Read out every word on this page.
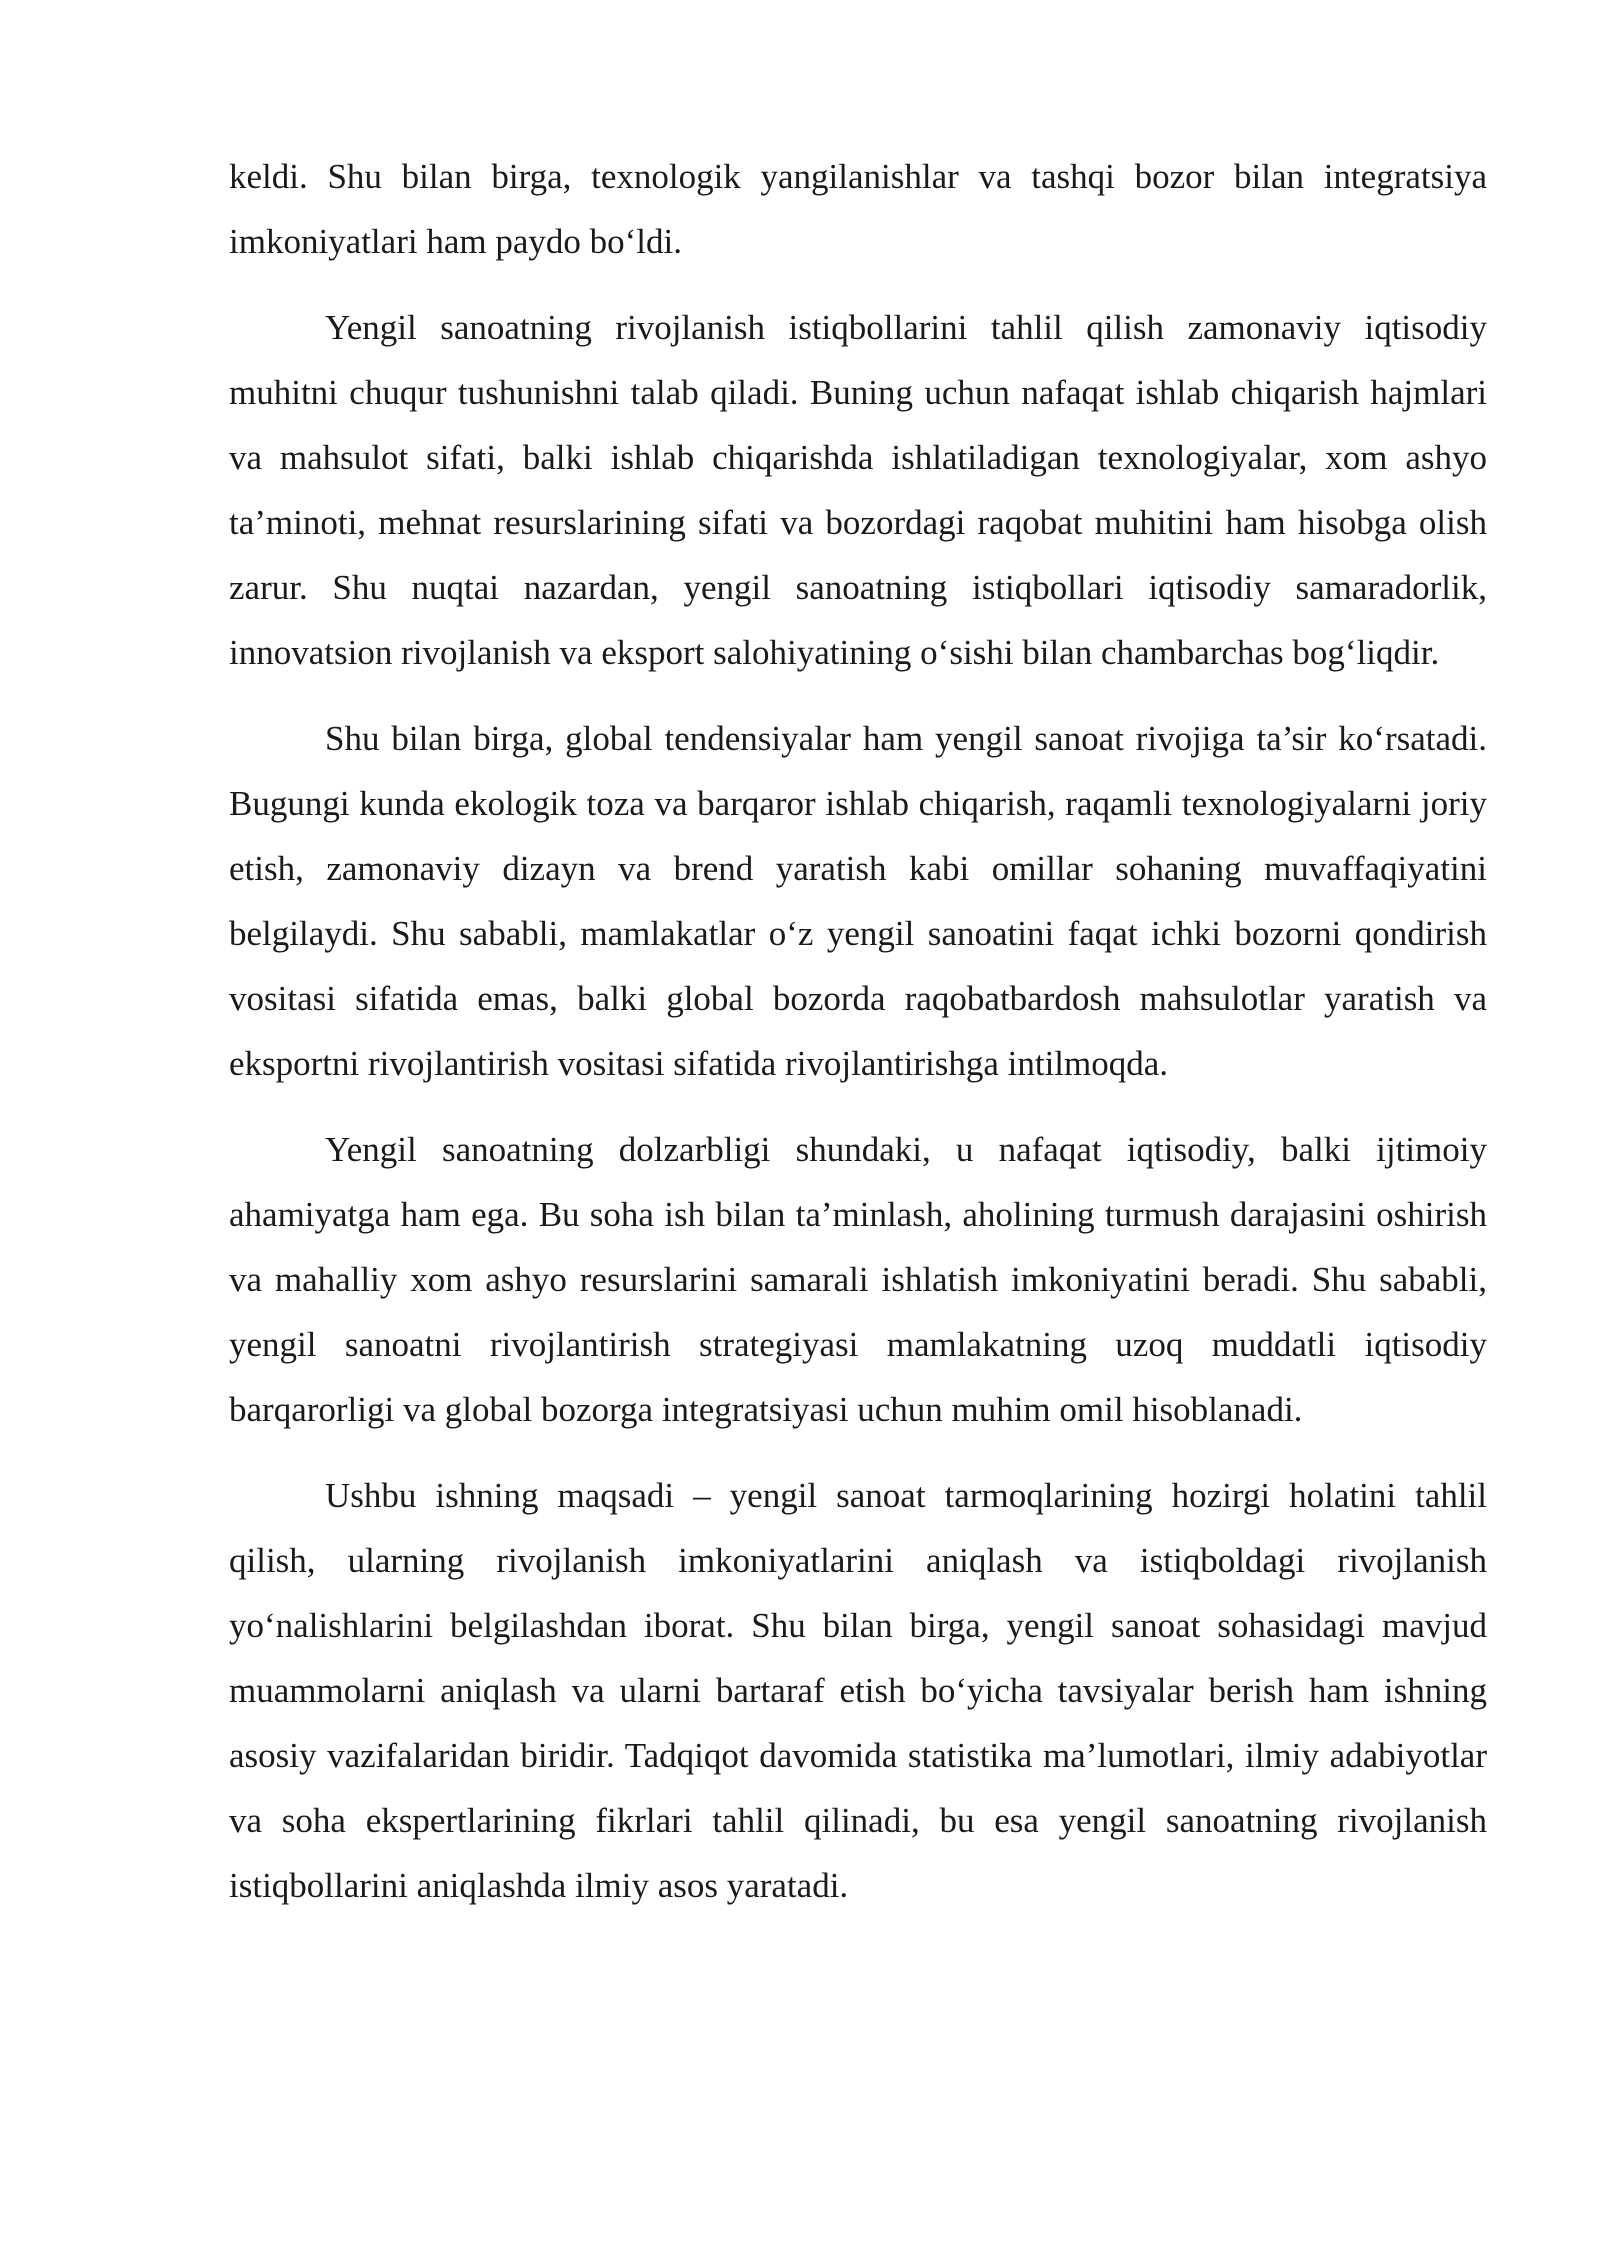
keldi. Shu bilan birga, texnologik yangilanishlar va tashqi bozor bilan integratsiya imkoniyatlari ham paydo bo‘ldi.

Yengil sanoatning rivojlanish istiqbollarini tahlil qilish zamonaviy iqtisodiy muhitni chuqur tushunishni talab qiladi. Buning uchun nafaqat ishlab chiqarish hajmlari va mahsulot sifati, balki ishlab chiqarishda ishlatiladigan texnologiyalar, xom ashyo ta’minoti, mehnat resurslarining sifati va bozordagi raqobat muhitini ham hisobga olish zarur. Shu nuqtai nazardan, yengil sanoatning istiqbollari iqtisodiy samaradorlik, innovatsion rivojlanish va eksport salohiyatining o‘sishi bilan chambarchas bog‘liqdir.

Shu bilan birga, global tendensiyalar ham yengil sanoat rivojiga ta’sir ko‘rsatadi. Bugungi kunda ekologik toza va barqaror ishlab chiqarish, raqamli texnologiyalarni joriy etish, zamonaviy dizayn va brend yaratish kabi omillar sohaning muvaffaqiyatini belgilaydi. Shu sababli, mamlakatlar o‘z yengil sanoatini faqat ichki bozorni qondirish vositasi sifatida emas, balki global bozorda raqobatbardosh mahsulotlar yaratish va eksportni rivojlantirish vositasi sifatida rivojlantirishga intilmoqda.

Yengil sanoatning dolzarbligi shundaki, u nafaqat iqtisodiy, balki ijtimoiy ahamiyatga ham ega. Bu soha ish bilan ta’minlash, aholining turmush darajasini oshirish va mahalliy xom ashyo resurslarini samarali ishlatish imkoniyatini beradi. Shu sababli, yengil sanoatni rivojlantirish strategiyasi mamlakatning uzoq muddatli iqtisodiy barqarorligi va global bozorga integratsiyasi uchun muhim omil hisoblanadi.

Ushbu ishning maqsadi – yengil sanoat tarmoqlarining hozirgi holatini tahlil qilish, ularning rivojlanish imkoniyatlarini aniqlash va istiqboldagi rivojlanish yo‘nalishlarini belgilashdan iborat. Shu bilan birga, yengil sanoat sohasidagi mavjud muammolarni aniqlash va ularni bartaraf etish bo‘yicha tavsiyalar berish ham ishning asosiy vazifalaridan biridir. Tadqiqot davomida statistika ma’lumotlari, ilmiy adabiyotlar va soha ekspertlarining fikrlari tahlil qilinadi, bu esa yengil sanoatning rivojlanish istiqbollarini aniqlashda ilmiy asos yaratadi.
